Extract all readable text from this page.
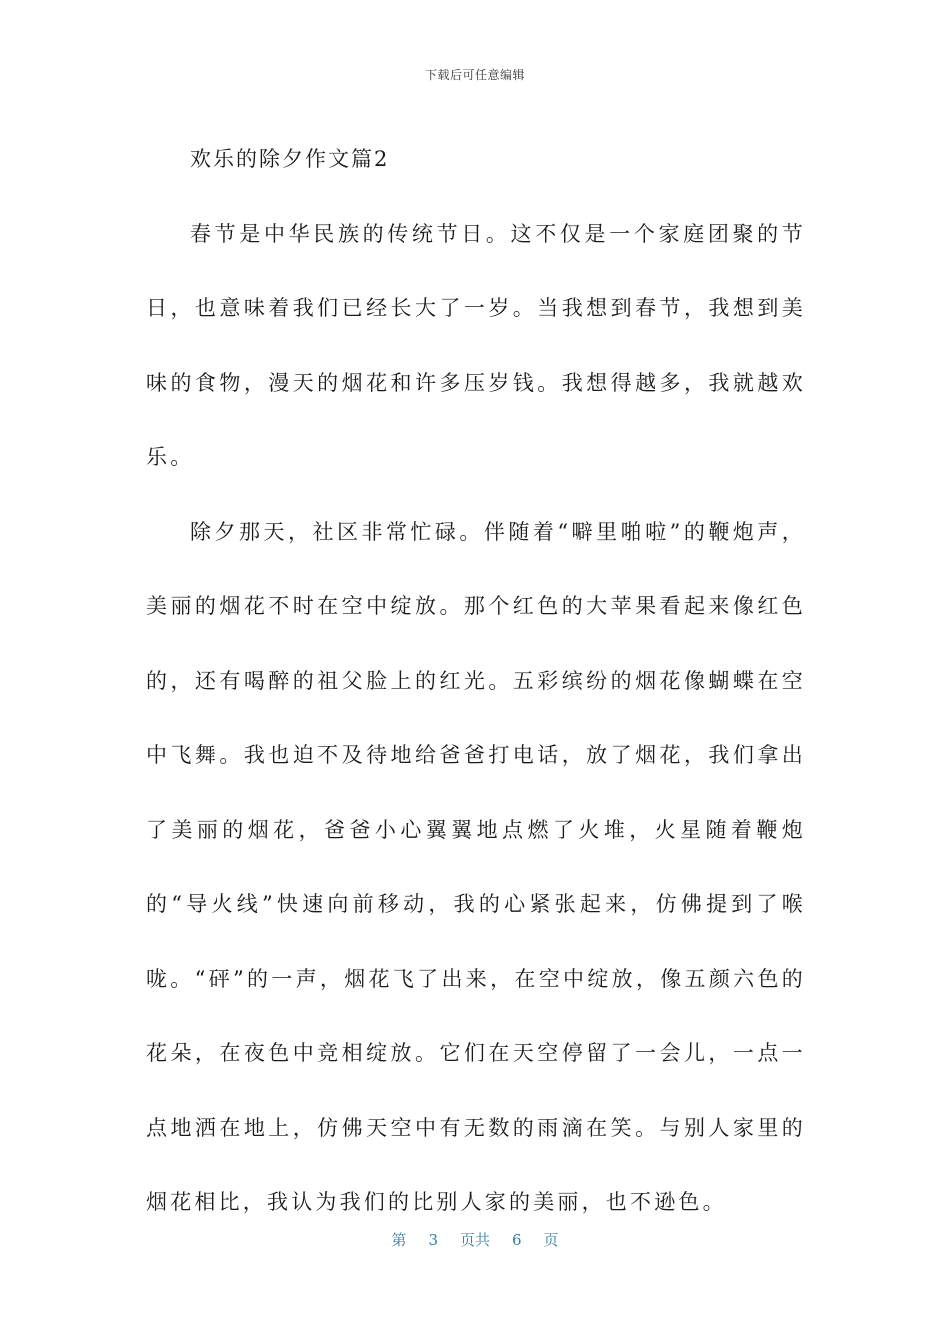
下载后可任意编辑

欢乐的除夕作文篇2

春节是中华民族的传统节日。这不仅是一个家庭团聚的节日，也意味着我们已经长大了一岁。当我想到春节，我想到美味的食物，漫天的烟花和许多压岁钱。我想得越多，我就越欢乐。

除夕那天，社区非常忙碌。伴随着“噼里啪啦”的鞭炮声，美丽的烟花不时在空中绽放。那个红色的大苹果看起来像红色的，还有喝醉的祖父脸上的红光。五彩缤纷的烟花像蝴蝶在空中飞舞。我也迫不及待地给爸爸打电话，放了烟花，我们拿出了美丽的烟花，爸爸小心翼翼地点燃了火堆，火星随着鞭炮的“导火线”快速向前移动，我的心紧张起来，仿佛提到了喉咙。“砰”的一声，烟花飞了出来，在空中绽放，像五颜六色的花朵，在夜色中竞相绽放。它们在天空停留了一会儿，一点一点地洒在地上，仿佛天空中有无数的雨滴在笑。与别人家里的烟花相比，我认为我们的比别人家的美丽，也不逊色。

第 3 页共 6 页
